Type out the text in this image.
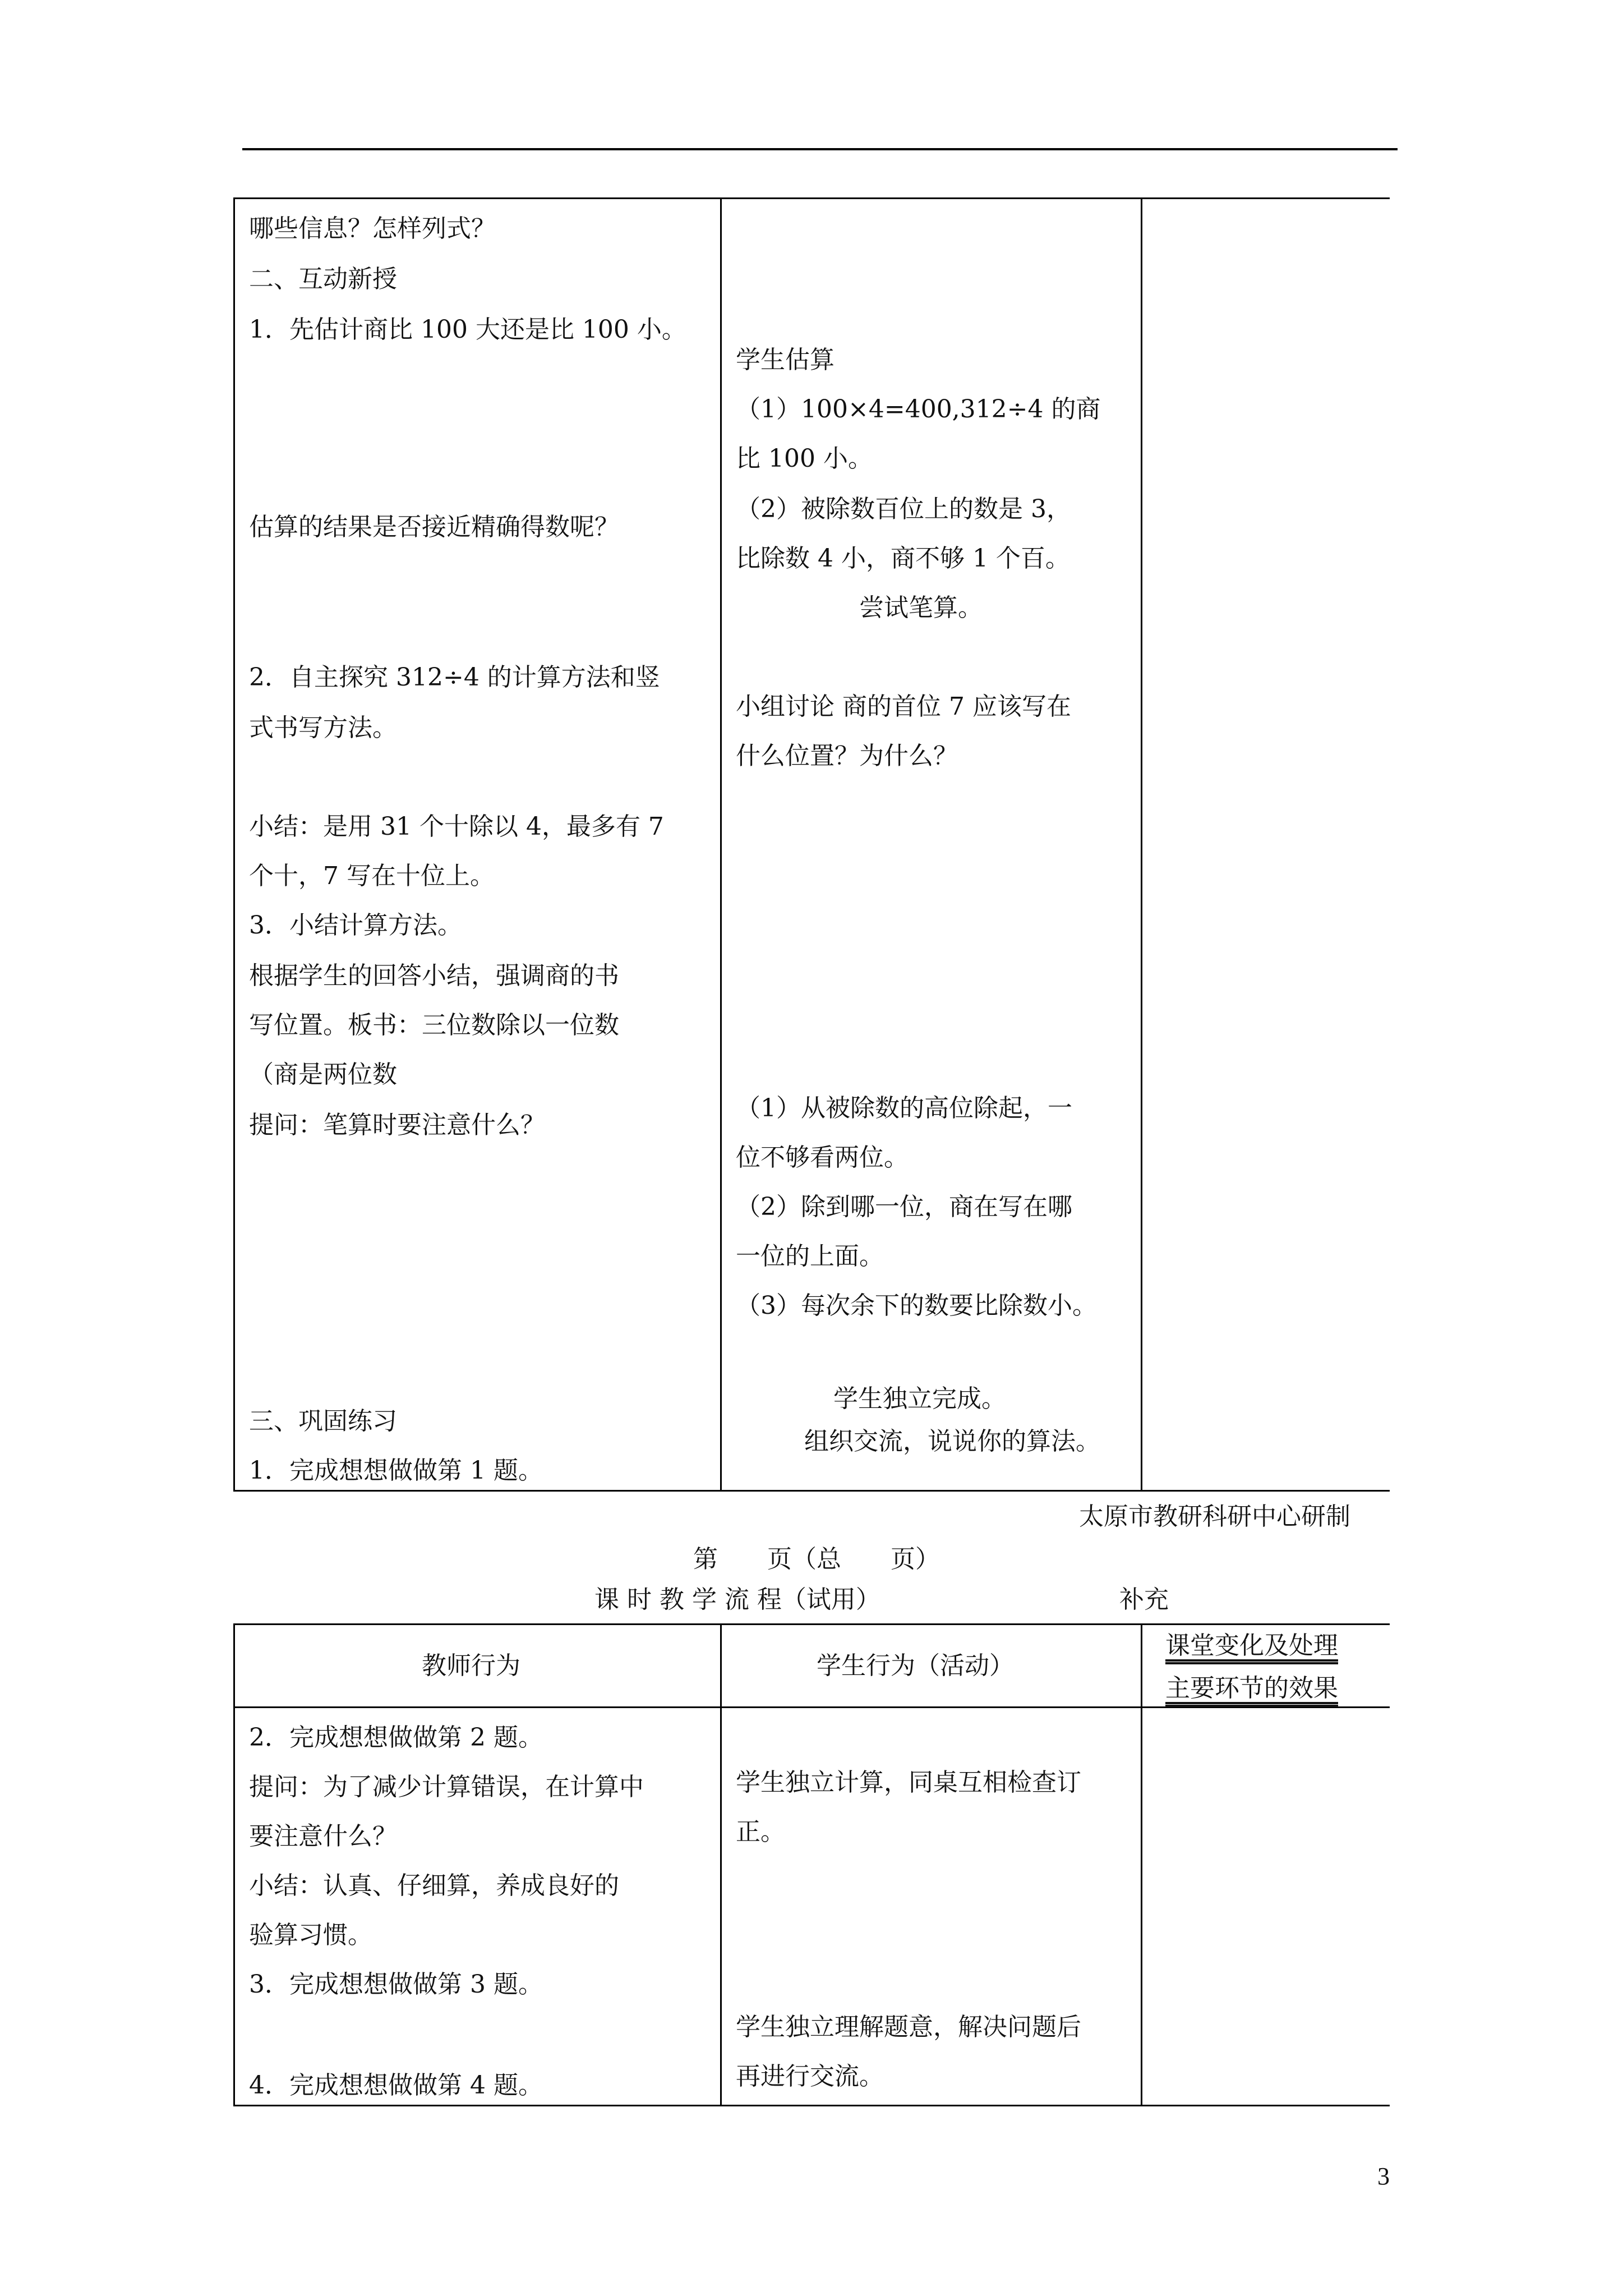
哪些信息？怎样列式？
二、互动新授
1．先估计商比 100 大还是比 100 小。
估算的结果是否接近精确得数呢？
2．自主探究 312÷4 的计算方法和竖
式书写方法。
小结：是用 31 个十除以 4，最多有 7
个十，7 写在十位上。
3．小结计算方法。
根据学生的回答小结，强调商的书
写位置。板书：三位数除以一位数
（商是两位数
提问：笔算时要注意什么？
三、巩固练习
1．完成想想做做第 1 题。
学生估算
（1）100×4=400,312÷4 的商
比 100 小。
（2）被除数百位上的数是 3，
比除数 4 小，商不够 1 个百。
尝试笔算。
小组讨论 商的首位 7 应该写在
什么位置？为什么？
（1）从被除数的高位除起，一
位不够看两位。
（2）除到哪一位，商在写在哪
一位的上面。
（3）每次余下的数要比除数小。
学生独立完成。
组织交流，说说你的算法。
太原市教研科研中心研制
第　　页（总　　页）
课 时 教 学 流 程（试用）	补充
教师行为	学生行为（活动）
课堂变化及处理
主要环节的效果
2．完成想想做做第 2 题。
提问：为了减少计算错误，在计算中
要注意什么？
小结：认真、仔细算，养成良好的
验算习惯。
3．完成想想做做第 3 题。
4．完成想想做做第 4 题。
学生独立计算，同桌互相检查订
正。
学生独立理解题意，解决问题后
再进行交流。
3
